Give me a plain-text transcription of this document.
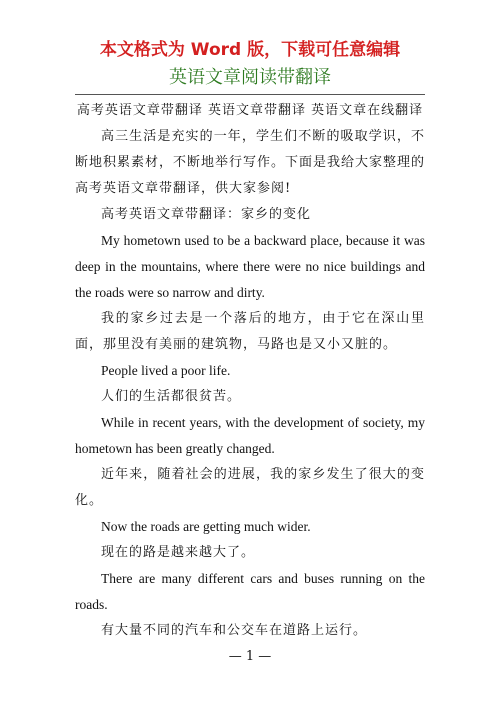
本文格式为 Word 版，下载可任意编辑
英语文章阅读带翻译

高考英语文章带翻译 英语文章带翻译 英语文章在线翻译

高三生活是充实的一年，学生们不断的吸取学识，不断地积累素材，不断地举行写作。下面是我给大家整理的高考英语文章带翻译，供大家参阅!

高考英语文章带翻译：家乡的变化

My hometown used to be a backward place, because it was deep in the mountains, where there were no nice buildings and the roads were so narrow and dirty.

我的家乡过去是一个落后的地方，由于它在深山里面，那里没有美丽的建筑物，马路也是又小又脏的。

People lived a poor life.

人们的生活都很贫苦。

While in recent years, with the development of society, my hometown has been greatly changed.

近年来，随着社会的进展，我的家乡发生了很大的变化。

Now the roads are getting much wider.

现在的路是越来越大了。

There are many different cars and buses running on the roads.

有大量不同的汽车和公交车在道路上运行。

— 1 —
